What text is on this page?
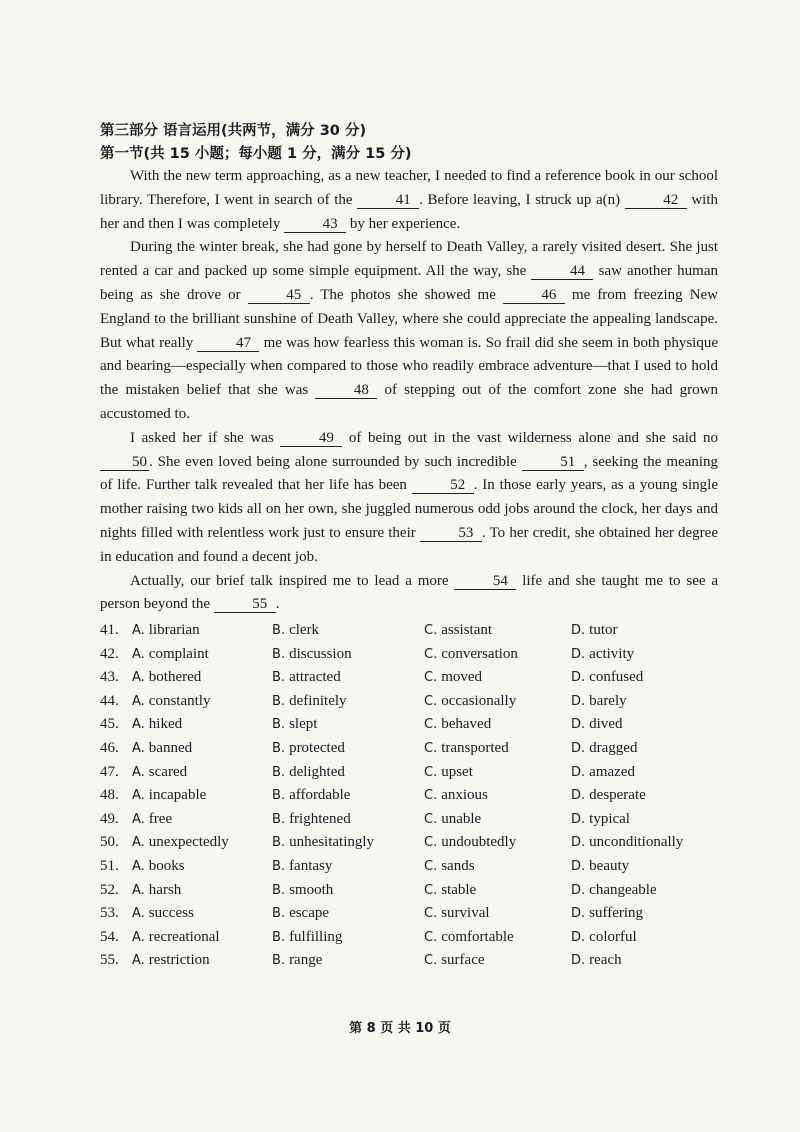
第三部分 语言运用(共两节，满分 30 分)
第一节(共 15 小题；每小题 1 分，满分 15 分)

With the new term approaching, as a new teacher, I needed to find a reference book in our school library. Therefore, I went in search of the	41 . Before leaving, I struck up a(n)	42 with her and then I was completely	43 by her experience.

During the winter break, she had gone by herself to Death Valley, a rarely visited desert. She just rented a car and packed up some simple equipment. All the way, she	44 saw another human being as she drove or	45 . The photos she showed me	46 me from freezing New England to the brilliant sunshine of Death Valley, where she could appreciate the appealing landscape. But what really	47 me was how fearless this woman is. So frail did she seem in both physique and bearing—especially when compared to those who readily embrace adventure—that I used to hold the mistaken belief that she was	48 of stepping out of the comfort zone she had grown accustomed to.

I asked her if she was	49 of being out in the vast wilderness alone and she said no 50 . She even loved being alone surrounded by such incredible	51 , seeking the meaning of life. Further talk revealed that her life has been	52 . In those early years, as a young single mother raising two kids all on her own, she juggled numerous odd jobs around the clock, her days and nights filled with relentless work just to ensure their	53 . To her credit, she obtained her degree in education and found a decent job.

Actually, our brief talk inspired me to lead a more	54 life and she taught me to see a person beyond the	55 .

41. A. librarian	B. clerk	C. assistant	D. tutor
42. A. complaint	B. discussion	C. conversation	D. activity
43. A. bothered	B. attracted	C. moved	D. confused
44. A. constantly	B. definitely	C. occasionally	D. barely
45. A. hiked	B. slept	C. behaved	D. dived
46. A. banned	B. protected	C. transported	D. dragged
47. A. scared	B. delighted	C. upset	D. amazed
48. A. incapable	B. affordable	C. anxious	D. desperate
49. A. free	B. frightened	C. unable	D. typical
50. A. unexpectedly	B. unhesitatingly	C. undoubtedly	D. unconditionally
51. A. books	B. fantasy	C. sands	D. beauty
52. A. harsh	B. smooth	C. stable	D. changeable
53. A. success	B. escape	C. survival	D. suffering
54. A. recreational	B. fulfilling	C. comfortable	D. colorful
55. A. restriction	B. range	C. surface	D. reach
第 8 页 共 10 页
